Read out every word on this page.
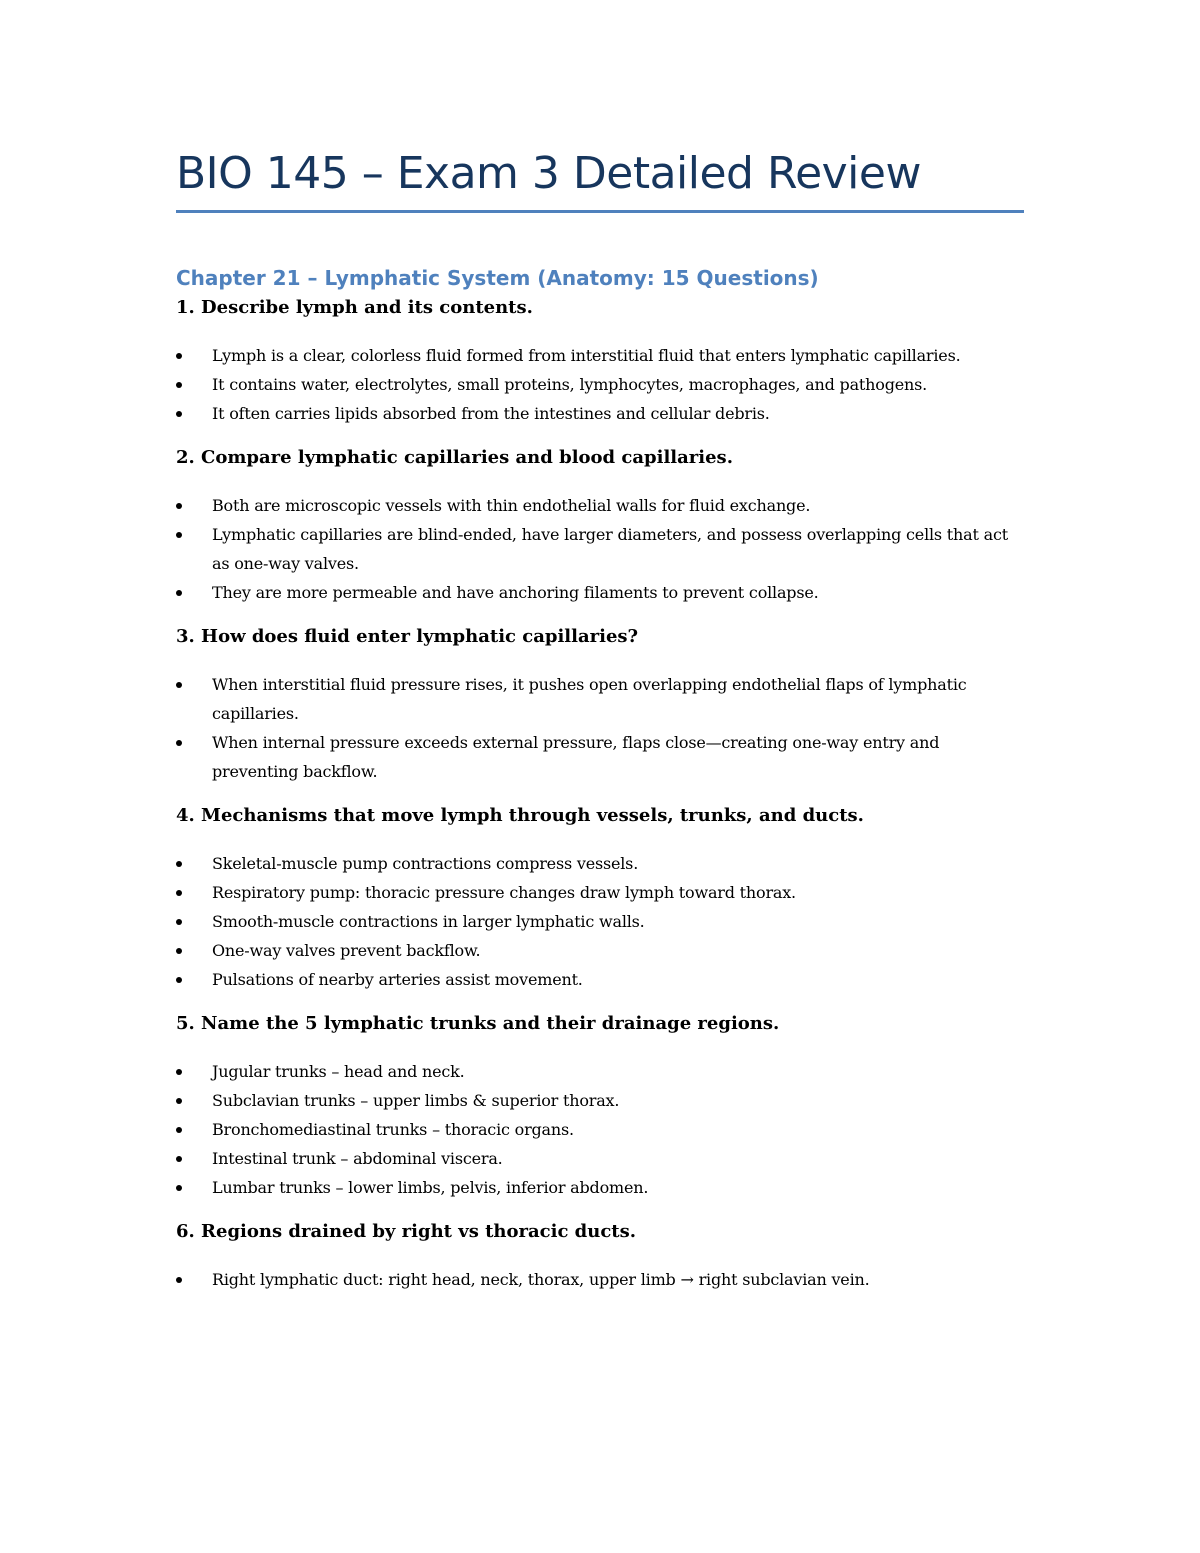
BIO 145 – Exam 3 Detailed Review
Chapter 21 – Lymphatic System (Anatomy: 15 Questions)
1. Describe lymph and its contents.
Lymph is a clear, colorless fluid formed from interstitial fluid that enters lymphatic capillaries.
It contains water, electrolytes, small proteins, lymphocytes, macrophages, and pathogens.
It often carries lipids absorbed from the intestines and cellular debris.
2. Compare lymphatic capillaries and blood capillaries.
Both are microscopic vessels with thin endothelial walls for fluid exchange.
Lymphatic capillaries are blind-ended, have larger diameters, and possess overlapping cells that act as one-way valves.
They are more permeable and have anchoring filaments to prevent collapse.
3. How does fluid enter lymphatic capillaries?
When interstitial fluid pressure rises, it pushes open overlapping endothelial flaps of lymphatic capillaries.
When internal pressure exceeds external pressure, flaps close—creating one-way entry and preventing backflow.
4. Mechanisms that move lymph through vessels, trunks, and ducts.
Skeletal-muscle pump contractions compress vessels.
Respiratory pump: thoracic pressure changes draw lymph toward thorax.
Smooth-muscle contractions in larger lymphatic walls.
One-way valves prevent backflow.
Pulsations of nearby arteries assist movement.
5. Name the 5 lymphatic trunks and their drainage regions.
Jugular trunks – head and neck.
Subclavian trunks – upper limbs & superior thorax.
Bronchomediastinal trunks – thoracic organs.
Intestinal trunk – abdominal viscera.
Lumbar trunks – lower limbs, pelvis, inferior abdomen.
6. Regions drained by right vs thoracic ducts.
Right lymphatic duct: right head, neck, thorax, upper limb → right subclavian vein.
